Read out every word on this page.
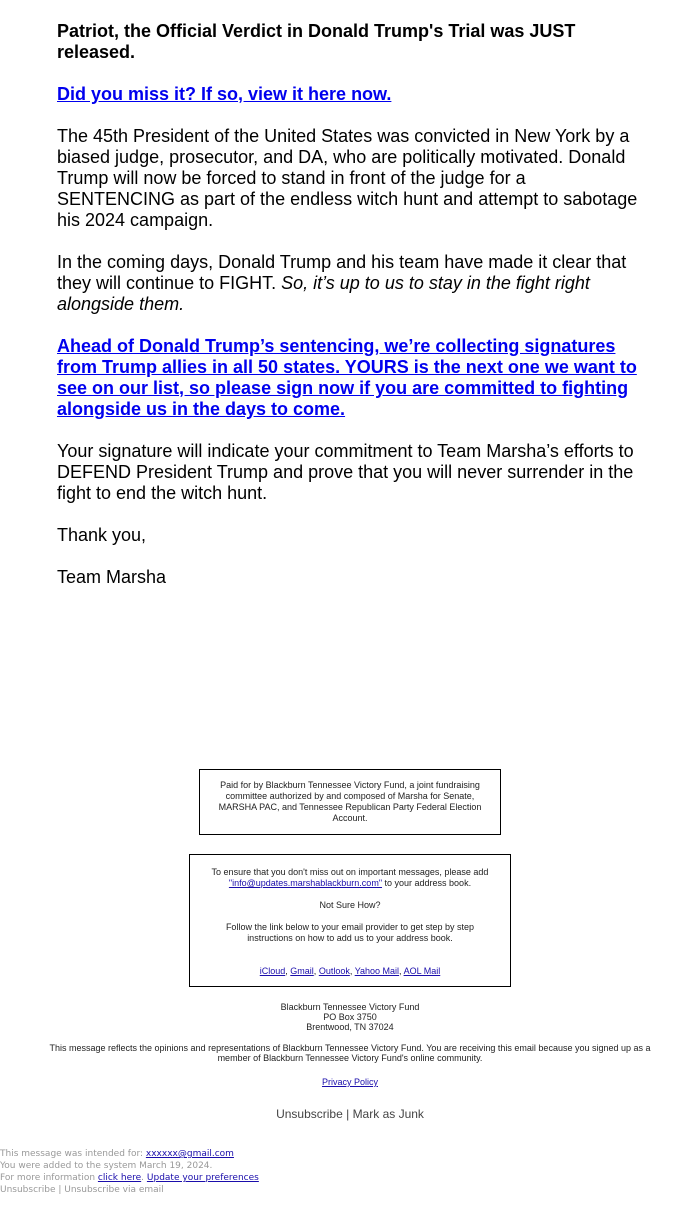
Patriot, the Official Verdict in Donald Trump's Trial was JUST released.

Did you miss it? If so, view it here now.

The 45th President of the United States was convicted in New York by a biased judge, prosecutor, and DA, who are politically motivated. Donald Trump will now be forced to stand in front of the judge for a SENTENCING as part of the endless witch hunt and attempt to sabotage his 2024 campaign.

In the coming days, Donald Trump and his team have made it clear that they will continue to FIGHT. So, it’s up to us to stay in the fight right alongside them.

Ahead of Donald Trump’s sentencing, we’re collecting signatures from Trump allies in all 50 states. YOURS is the next one we want to see on our list, so please sign now if you are committed to fighting alongside us in the days to come.

Your signature will indicate your commitment to Team Marsha’s efforts to DEFEND President Trump and prove that you will never surrender in the fight to end the witch hunt.

Thank you,

Team Marsha

Paid for by Blackburn Tennessee Victory Fund, a joint fundraising committee authorized by and composed of Marsha for Senate, MARSHA PAC, and Tennessee Republican Party Federal Election Account.

To ensure that you don't miss out on important messages, please add "info@updates.marshablackburn.com" to your address book.

Not Sure How?

Follow the link below to your email provider to get step by step instructions on how to add us to your address book.

iCloud, Gmail, Outlook, Yahoo Mail, AOL Mail

Blackburn Tennessee Victory Fund
PO Box 3750
Brentwood, TN 37024
This message reflects the opinions and representations of Blackburn Tennessee Victory Fund. You are receiving this email because you signed up as a member of Blackburn Tennessee Victory Fund's online community.
Privacy Policy
Unsubscribe | Mark as Junk
This message was intended for: xxxxxx@gmail.com
You were added to the system March 19, 2024.
For more information click here. Update your preferences
Unsubscribe | Unsubscribe via email
